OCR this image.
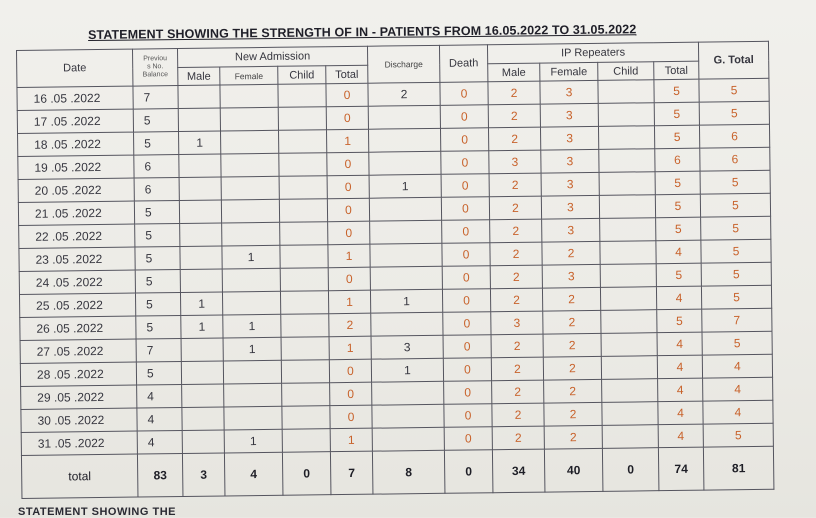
STATEMENT SHOWING THE STRENGTH OF IN - PATIENTS FROM 16.05.2022 TO 31.05.2022
Date	Previou
s No.
Balance	New Admission				Discharge	Death	IP Repeaters				G. Total
		Male	Female	Child	Total			Male	Female	Child	Total	
16 .05 .2022	7				0	2	0	2	3		5	5
17 .05 .2022	5				0		0	2	3		5	5
18 .05 .2022	5	1			1		0	2	3		5	6
19 .05 .2022	6				0		0	3	3		6	6
20 .05 .2022	6				0	1	0	2	3		5	5
21 .05 .2022	5				0		0	2	3		5	5
22 .05 .2022	5				0		0	2	3		5	5
23 .05 .2022	5		1		1		0	2	2		4	5
24 .05 .2022	5				0		0	2	3		5	5
25 .05 .2022	5	1			1	1	0	2	2		4	5
26 .05 .2022	5	1	1		2		0	3	2		5	7
27 .05 .2022	7		1		1	3	0	2	2		4	5
28 .05 .2022	5				0	1	0	2	2		4	4
29 .05 .2022	4				0		0	2	2		4	4
30 .05 .2022	4				0		0	2	2		4	4
31 .05 .2022	4		1		1		0	2	2		4	5
total	83	3	4	0	7	8	0	34	40	0	74	81
STATEMENT SHOWING THE
